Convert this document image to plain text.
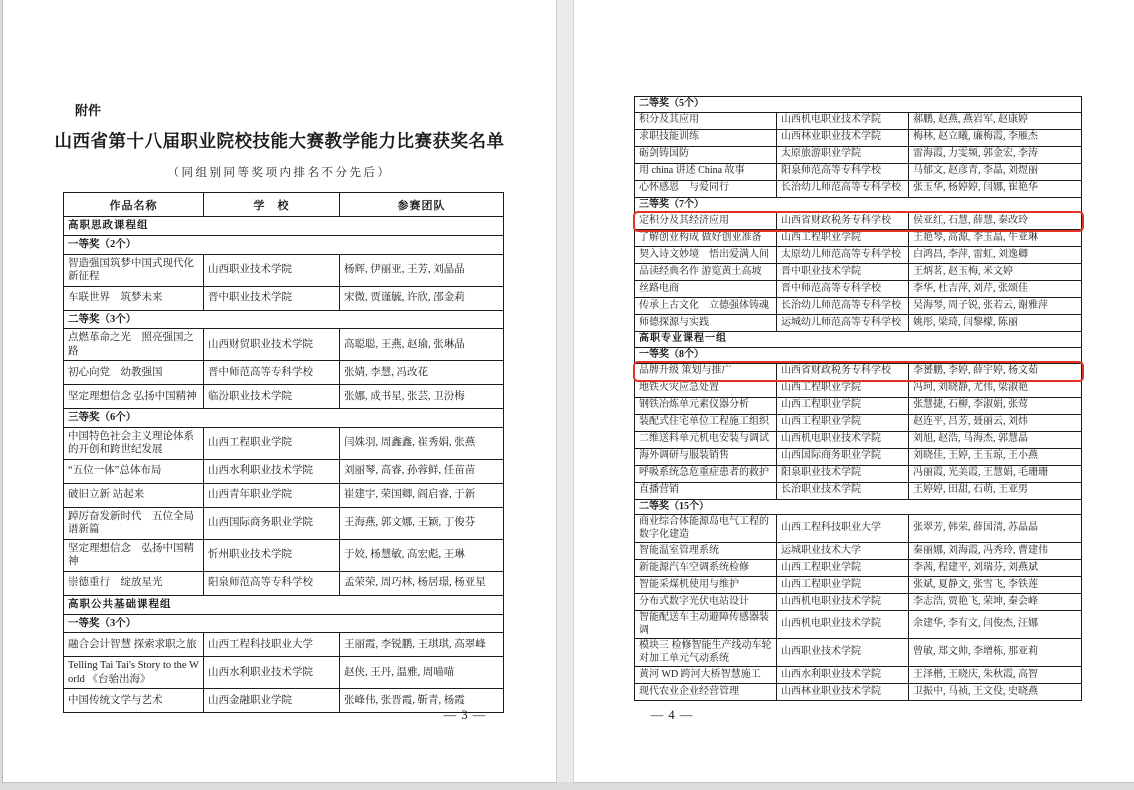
附件
山西省第十八届职业院校技能大赛教学能力比赛获奖名单
（同组别同等奖项内排名不分先后）
作品名称	学　校	参赛团队
高职思政课程组		
一等奖（2个）		
智造强国筑梦中国式现代化新征程	山西职业技术学院	杨辉, 伊丽亚, 王芳, 刘晶晶
车联世界　筑梦未来	晋中职业技术学院	宋微, 贾谨毓, 许欣, 邵金莉
二等奖（3个）		
点燃革命之光　照亮强国之路	山西财贸职业技术学院	高聪聪, 王燕, 赵瑜, 张琳晶
初心向党　幼教强国	晋中师范高等专科学校	张婧, 李慧, 冯改花
坚定理想信念 弘扬中国精神	临汾职业技术学院	张娜, 成书星, 张芸, 卫汾梅
三等奖（6个）		
中国特色社会主义理论体系的开创和跨世纪发展	山西工程职业学院	闫姝羽, 周鑫鑫, 崔秀娟, 张燕
“五位一体”总体布局	山西水利职业技术学院	刘丽琴, 高睿, 孙蓉鲜, 任苗苗
破旧立新 站起来	山西青年职业学院	崔建宇, 荣国卿, 阎启睿, 于新
踔厉奋发新时代　五位全局谱新篇	山西国际商务职业学院	王海燕, 郭文娜, 王颖, 丁俊芬
坚定理想信念　弘扬中国精神	忻州职业技术学院	于姣, 杨慧敏, 高宏彪, 王琳
崇德重行　绽放星光	阳泉师范高等专科学校	孟荣荣, 周巧林, 杨居璟, 杨亚星
高职公共基础课程组		
一等奖（3个）		
融合会计智慧 探索求职之旅	山西工程科技职业大学	王丽霞, 李锐鹏, 王琪琪, 高翠峰
Telling Tai Tai's Story to the World 《台骀出海》	山西水利职业技术学院	赵侠, 王丹, 温雅, 周喵喵
中国传统文学与艺术	山西金融职业学院	张峰伟, 张晋霞, 靳青, 杨霞
— 3 —
二等奖（5个）		
积分及其应用	山西机电职业技术学院	郝鹏, 赵燕, 燕岩军, 赵康婷
求职技能训练	山西林业职业技术学院	梅林, 赵立曦, 廉梅霞, 李雁杰
砺剑铸国防	太原旅游职业学院	雷海霞, 力雯频, 郭金宏, 李涛
用 china 讲述 China 故事	阳泉师范高等专科学校	马郁文, 赵彦青, 李晶, 刘煜丽
心怀感恩　与爱同行	长治幼儿师范高等专科学校	张玉华, 杨婷婷, 闫娜, 崔艳华
三等奖（7个）		
定积分及其经济应用	山西省财政税务专科学校	侯亚红, 石慧, 薛慧, 秦改玲
了解创业构成 做好创业准备	山西工程职业学院	王艳琴, 高源, 李玉晶, 牛亚琳
契入诗文妙境　悟出爱满人间	太原幼儿师范高等专科学校	白鸿昌, 李萍, 雷虹, 刘逸卿
品读经典名作 游览黄土高坡	晋中职业技术学院	王炳茗, 赵玉梅, 米文婷
丝路电商	晋中师范高等专科学校	李华, 杜吉萍, 刘芹, 张颂佳
传承上古文化　立德强体铸魂	长治幼儿师范高等专科学校	吴海琴, 周子锐, 张若云, 谢雅萍
师德探源与实践	运城幼儿师范高等专科学校	姚彤, 梁琦, 闫黎檬, 陈丽
高职专业课程一组		
一等奖（8个）		
品牌升级 策划与推广	山西省财政税务专科学校	李赟鹏, 李婷, 薛宇婷, 杨文茹
地铁火灾应急处置	山西工程职业学院	冯珂, 刘晓静, 尤伟, 梁淑艳
钢铁冶炼单元素仪器分析	山西工程职业学院	张慧捷, 石柳, 李淑娟, 张莺
装配式住宅单位工程施工组织	山西工程职业学院	赵连平, 吕芳, 聂丽云, 刘炜
二维送料单元机电安装与调试	山西机电职业技术学院	刘旭, 赵浩, 马海杰, 郭慧晶
海外调研与服装销售	山西国际商务职业学院	刘晓佳, 王婷, 王玉琼, 王小燕
呼吸系统急危重症患者的救护	阳泉职业技术学院	冯丽霞, 光美霞, 王慧娟, 毛珊珊
直播营销	长治职业技术学院	王婷婷, 田甜, 石萌, 王亚男
二等奖（15个）		
商业综合体能源岛电气工程的数字化建造	山西工程科技职业大学	张翠芳, 韩荣, 薛国清, 苏晶晶
智能温室管理系统	运城职业技术大学	秦丽娜, 刘海霞, 冯秀玲, 曹建伟
新能源汽车空调系统检修	山西工程职业学院	李茜, 程建平, 刘瑞芬, 刘燕斌
智能采煤机使用与维护	山西工程职业学院	张斌, 夏静文, 张雪飞, 李铁莲
分布式数字光伏电站设计	山西机电职业技术学院	李志浩, 贾艳飞, 荣坤, 秦会峰
智能配送车主动避障传感器装调	山西机电职业技术学院	余建华, 李有文, 闫俊杰, 汪娜
模块三 检修智能生产线动车轮对加工单元气动系统	山西职业技术学院	曾敏, 郑文帅, 李增栋, 那亚莉
黄河 WD 跨河大桥智慧施工	山西水利职业技术学院	王泽楷, 王晓庆, 朱秋霞, 高智
现代农业企业经营管理	山西林业职业技术学院	卫振中, 马祯, 王文伇, 史晓燕
— 4 —
